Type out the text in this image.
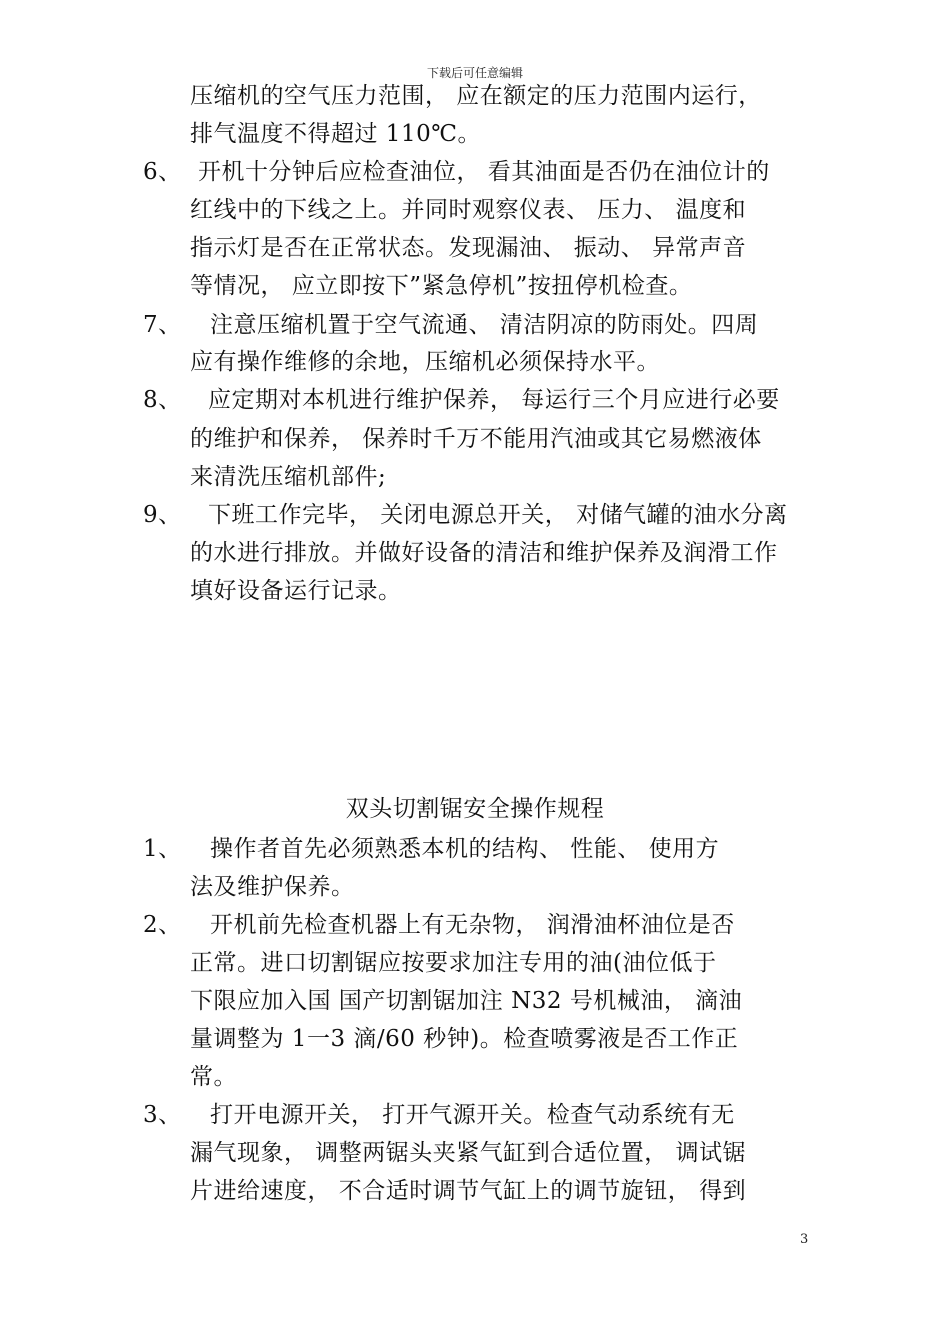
下载后可任意编辑
压缩机的空气压力范围， 应在额定的压力范围内运行，
排气温度不得超过 110℃。
6、 开机十分钟后应检查油位， 看其油面是否仍在油位计的
红线中的下线之上。并同时观察仪表、 压力、 温度和
指示灯是否在正常状态。发现漏油、 振动、 异常声音
等情况， 应立即按下”紧急停机”按扭停机检查。
7、 注意压缩机置于空气流通、 清洁阴凉的防雨处。四周
应有操作维修的余地，压缩机必须保持水平。
8、 应定期对本机进行维护保养， 每运行三个月应进行必要
的维护和保养， 保养时千万不能用汽油或其它易燃液体
来清洗压缩机部件;
9、 下班工作完毕， 关闭电源总开关， 对储气罐的油水分离
的水进行排放。并做好设备的清洁和维护保养及润滑工作
填好设备运行记录。
双头切割锯安全操作规程
1、 操作者首先必须熟悉本机的结构、 性能、 使用方
法及维护保养。
2、 开机前先检查机器上有无杂物， 润滑油杯油位是否
正常。进口切割锯应按要求加注专用的油(油位低于
下限应加入国 国产切割锯加注 N32 号机械油， 滴油
量调整为 1一3 滴/60 秒钟)。检查喷雾液是否工作正
常。
3、 打开电源开关， 打开气源开关。检查气动系统有无
漏气现象， 调整两锯头夹紧气缸到合适位置， 调试锯
片进给速度， 不合适时调节气缸上的调节旋钮， 得到
3
